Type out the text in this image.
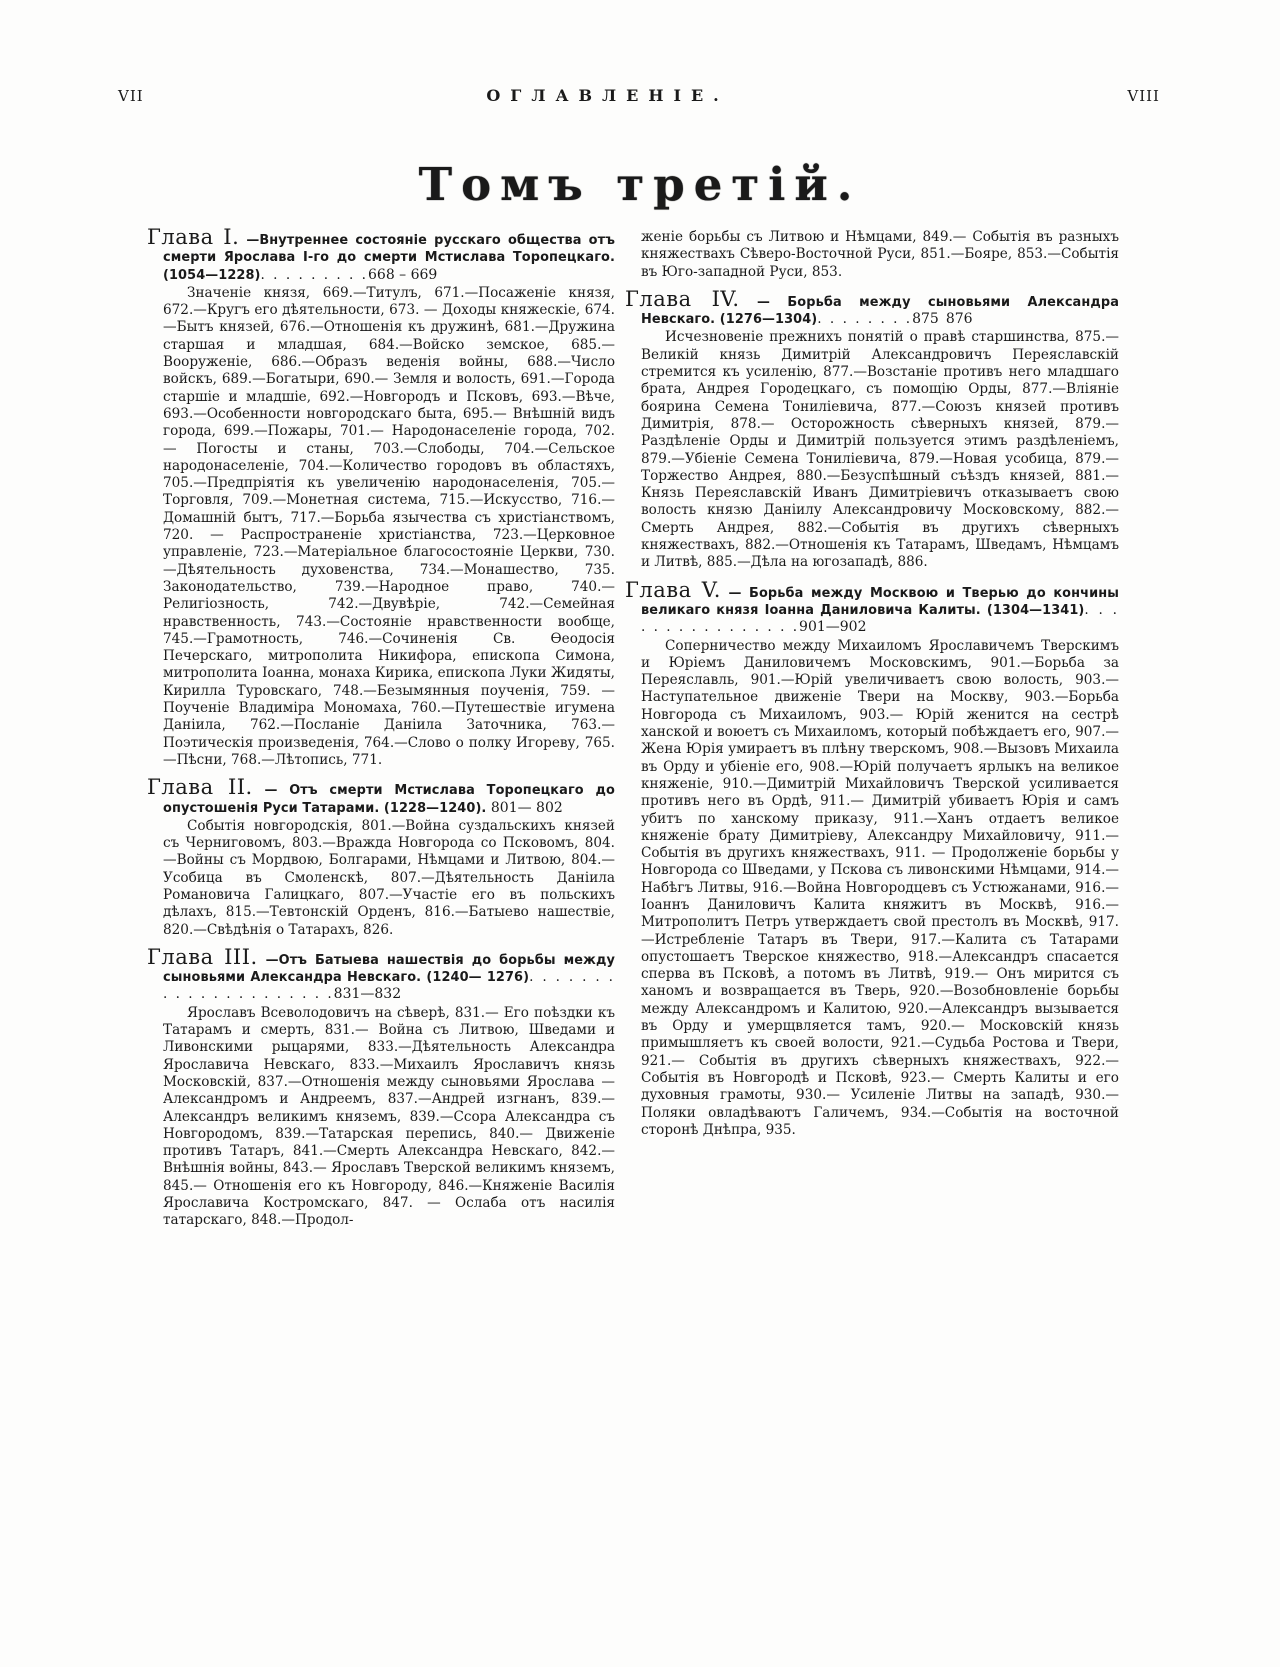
VII	ОГЛАВЛЕНІЕ.	VIII
Томъ третій.
Глава I. —Внутреннее состояніе русскаго общества отъ смерти Ярослава I-го до смерти Мстислава Торопецкаго. (1054—1228). . . . . . . . .668 – 669

Значеніе князя, 669.—Титулъ, 671.—Посаженіе князя, 672.—Кругъ его дѣятельности, 673. — Доходы княжескіе, 674.—Бытъ князей, 676.—Отношенія къ дружинѣ, 681.—Дружина старшая и младшая, 684.—Войско земское, 685.—Вооруженіе, 686.—Образъ веденія войны, 688.—Число войскъ, 689.—Богатыри, 690.— Земля и волость, 691.—Города старшіе и младшіе, 692.—Новгородъ и Псковъ, 693.—Вѣче, 693.—Особенности новгородскаго быта, 695.— Внѣшній видъ города, 699.—Пожары, 701.— Народонаселеніе города, 702. — Погосты и станы, 703.—Слободы, 704.—Сельское народонаселеніе, 704.—Количество городовъ въ областяхъ, 705.—Предпріятія къ увеличенію народонаселенія, 705.—Торговля, 709.—Монетная система, 715.—Искусство, 716.—Домашній бытъ, 717.—Борьба язычества съ христіанствомъ, 720. — Распространеніе христіанства, 723.—Церковное управленіе, 723.—Матеріальное благосостояніе Церкви, 730.—Дѣятельность духовенства, 734.—Монашество, 735. Законодательство, 739.—Народное право, 740.— Религіозность, 742.—Двувѣріе, 742.—Семейная нравственность, 743.—Состояніе нравственности вообще, 745.—Грамотность, 746.—Сочиненія Св. Ѳеодосія Печерскаго, митрополита Никифора, епископа Симона, митрополита Іоанна, монаха Кирика, епископа Луки Жидяты, Кирилла Туровскаго, 748.—Безымянныя поученія, 759. — Поученіе Владиміра Мономаха, 760.—Путешествіе игумена Даніила, 762.—Посланіе Даніила Заточника, 763.—Поэтическія произведенія, 764.—Слово о полку Игореву, 765.—Пѣсни, 768.—Лѣтопись, 771.

Глава II. — Отъ смерти Мстислава Торопецкаго до опустошенія Руси Татарами. (1228—1240). 801— 802

Событія новгородскія, 801.—Война суздальскихъ князей съ Черниговомъ, 803.—Вражда Новгорода со Псковомъ, 804.—Войны съ Мордвою, Болгарами, Нѣмцами и Литвою, 804.— Усобица въ Смоленскѣ, 807.—Дѣятельность Даніила Романовича Галицкаго, 807.—Участіе его въ польскихъ дѣлахъ, 815.—Тевтонскій Орденъ, 816.—Батыево нашествіе, 820.—Свѣдѣнія о Татарахъ, 826.

Глава III. —Отъ Батыева нашествія до борьбы между сыновьями Александра Невскаго. (1240— 1276). . . . . . . . . . . . . . . . . . . . .831—832

Ярославъ Всеволодовичъ на сѣверѣ, 831.— Его поѣздки къ Татарамъ и смерть, 831.— Война съ Литвою, Шведами и Ливонскими рыцарями, 833.—Дѣятельность Александра Ярославича Невскаго, 833.—Михаилъ Ярославичъ князь Московскій, 837.—Отношенія между сыновьями Ярослава — Александромъ и Андреемъ, 837.—Андрей изгнанъ, 839.—Александръ великимъ княземъ, 839.—Ссора Александра съ Новгородомъ, 839.—Татарская перепись, 840.— Движеніе противъ Татаръ, 841.—Смерть Александра Невскаго, 842.—Внѣшнія войны, 843.— Ярославъ Тверской великимъ княземъ, 845.— Отношенія его къ Новгороду, 846.—Княженіе Василія Ярославича Костромскаго, 847. — Ослаба отъ насилія татарскаго, 848.—Продол-

женіе борьбы съ Литвою и Нѣмцами, 849.— Событія въ разныхъ княжествахъ Сѣверо-Восточной Руси, 851.—Бояре, 853.—Событія въ Юго-западной Руси, 853.

Глава IV. — Борьба между сыновьями Александра Невскаго. (1276—1304). . . . . . . .875 876

Исчезновеніе прежнихъ понятій о правѣ старшинства, 875.—Великій князь Димитрій Александровичъ Переяславскій стремится къ усиленію, 877.—Возстаніе противъ него младшаго брата, Андрея Городецкаго, съ помощію Орды, 877.—Вліяніе боярина Семена Тониліевича, 877.—Союзъ князей противъ Димитрія, 878.— Осторожность сѣверныхъ князей, 879.—Раздѣленіе Орды и Димитрій пользуется этимъ раздѣленіемъ, 879.—Убіеніе Семена Тониліевича, 879.—Новая усобица, 879.—Торжество Андрея, 880.—Безуспѣшный съѣздъ князей, 881.—Князь Переяславскій Иванъ Димитріевичъ отказываетъ свою волость князю Даніилу Александровичу Московскому, 882.—Смерть Андрея, 882.—Событія въ другихъ сѣверныхъ княжествахъ, 882.—Отношенія къ Татарамъ, Шведамъ, Нѣмцамъ и Литвѣ, 885.—Дѣла на югозападѣ, 886.

Глава V. — Борьба между Москвою и Тверью до кончины великаго князя Іоанна Даниловича Калиты. (1304—1341). . . . . . . . . . . . . . . .901—902

Соперничество между Михаиломъ Ярославичемъ Тверскимъ и Юріемъ Даниловичемъ Московскимъ, 901.—Борьба за Переяславль, 901.—Юрій увеличиваетъ свою волость, 903.— Наступательное движеніе Твери на Москву, 903.—Борьба Новгорода съ Михаиломъ, 903.— Юрій женится на сестрѣ ханской и воюетъ съ Михаиломъ, который побѣждаетъ его, 907.— Жена Юрія умираетъ въ плѣну тверскомъ, 908.—Вызовъ Михаила въ Орду и убіеніе его, 908.—Юрій получаетъ ярлыкъ на великое княженіе, 910.—Димитрій Михайловичъ Тверской усиливается противъ него въ Ордѣ, 911.— Димитрій убиваетъ Юрія и самъ убитъ по ханскому приказу, 911.—Ханъ отдаетъ великое княженіе брату Димитріеву, Александру Михайловичу, 911.—Событія въ другихъ княжествахъ, 911. — Продолженіе борьбы у Новгорода со Шведами, у Пскова съ ливонскими Нѣмцами, 914.—Набѣгъ Литвы, 916.—Война Новгородцевъ съ Устюжанами, 916.—Іоаннъ Даниловичъ Калита княжитъ въ Москвѣ, 916.— Митрополитъ Петръ утверждаетъ свой престолъ въ Москвѣ, 917.—Истребленіе Татаръ въ Твери, 917.—Калита съ Татарами опустошаетъ Тверское княжество, 918.—Александръ спасается сперва въ Псковѣ, а потомъ въ Литвѣ, 919.— Онъ мирится съ ханомъ и возвращается въ Тверь, 920.—Возобновленіе борьбы между Александромъ и Калитою, 920.—Александръ вызывается въ Орду и умерщвляется тамъ, 920.— Московскій князь примышляетъ къ своей волости, 921.—Судьба Ростова и Твери, 921.— Событія въ другихъ сѣверныхъ княжествахъ, 922.—Событія въ Новгородѣ и Псковѣ, 923.— Смерть Калиты и его духовныя грамоты, 930.— Усиленіе Литвы на западѣ, 930.—Поляки овладѣваютъ Галичемъ, 934.—Событія на восточной сторонѣ Днѣпра, 935.
